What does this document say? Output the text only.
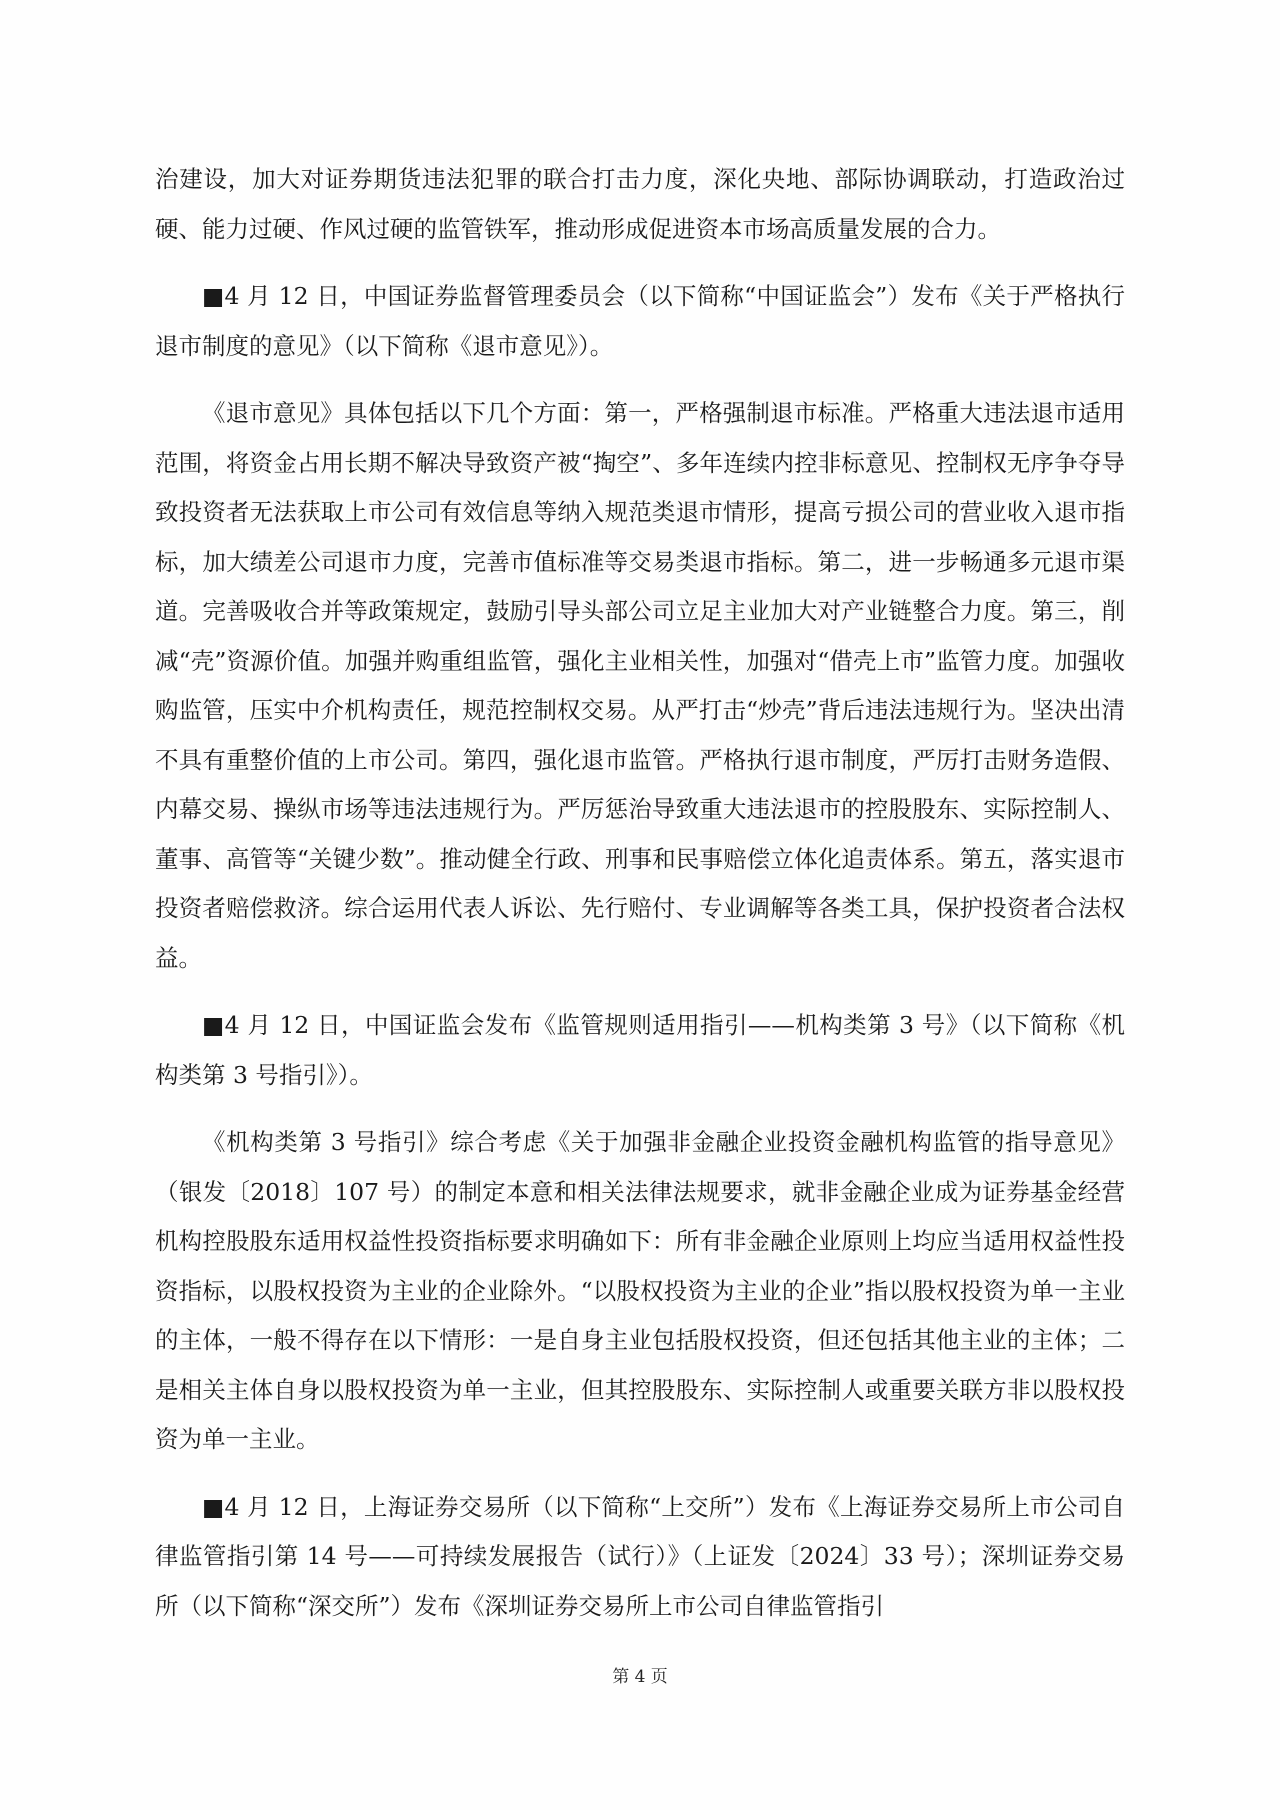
治建设，加大对证券期货违法犯罪的联合打击力度，深化央地、部际协调联动，打造政治过硬、能力过硬、作风过硬的监管铁军，推动形成促进资本市场高质量发展的合力。

■4 月 12 日，中国证券监督管理委员会（以下简称“中国证监会”）发布《关于严格执行退市制度的意见》（以下简称《退市意见》）。

《退市意见》具体包括以下几个方面：第一，严格强制退市标准。严格重大违法退市适用范围，将资金占用长期不解决导致资产被“掏空”、多年连续内控非标意见、控制权无序争夺导致投资者无法获取上市公司有效信息等纳入规范类退市情形，提高亏损公司的营业收入退市指标，加大绩差公司退市力度，完善市值标准等交易类退市指标。第二，进一步畅通多元退市渠道。完善吸收合并等政策规定，鼓励引导头部公司立足主业加大对产业链整合力度。第三，削减“壳”资源价值。加强并购重组监管，强化主业相关性，加强对“借壳上市”监管力度。加强收购监管，压实中介机构责任，规范控制权交易。从严打击“炒壳”背后违法违规行为。坚决出清不具有重整价值的上市公司。第四，强化退市监管。严格执行退市制度，严厉打击财务造假、内幕交易、操纵市场等违法违规行为。严厉惩治导致重大违法退市的控股股东、实际控制人、董事、高管等“关键少数”。推动健全行政、刑事和民事赔偿立体化追责体系。第五，落实退市投资者赔偿救济。综合运用代表人诉讼、先行赔付、专业调解等各类工具，保护投资者合法权益。

■4 月 12 日，中国证监会发布《监管规则适用指引——机构类第 3 号》（以下简称《机构类第 3 号指引》）。

《机构类第 3 号指引》综合考虑《关于加强非金融企业投资金融机构监管的指导意见》（银发〔2018〕107 号）的制定本意和相关法律法规要求，就非金融企业成为证券基金经营机构控股股东适用权益性投资指标要求明确如下：所有非金融企业原则上均应当适用权益性投资指标，以股权投资为主业的企业除外。“以股权投资为主业的企业”指以股权投资为单一主业的主体，一般不得存在以下情形：一是自身主业包括股权投资，但还包括其他主业的主体；二是相关主体自身以股权投资为单一主业，但其控股股东、实际控制人或重要关联方非以股权投资为单一主业。

■4 月 12 日，上海证券交易所（以下简称“上交所”）发布《上海证券交易所上市公司自律监管指引第 14 号——可持续发展报告（试行）》（上证发〔2024〕33 号）；深圳证券交易所（以下简称“深交所”）发布《深圳证券交易所上市公司自律监管指引

第 4 页
